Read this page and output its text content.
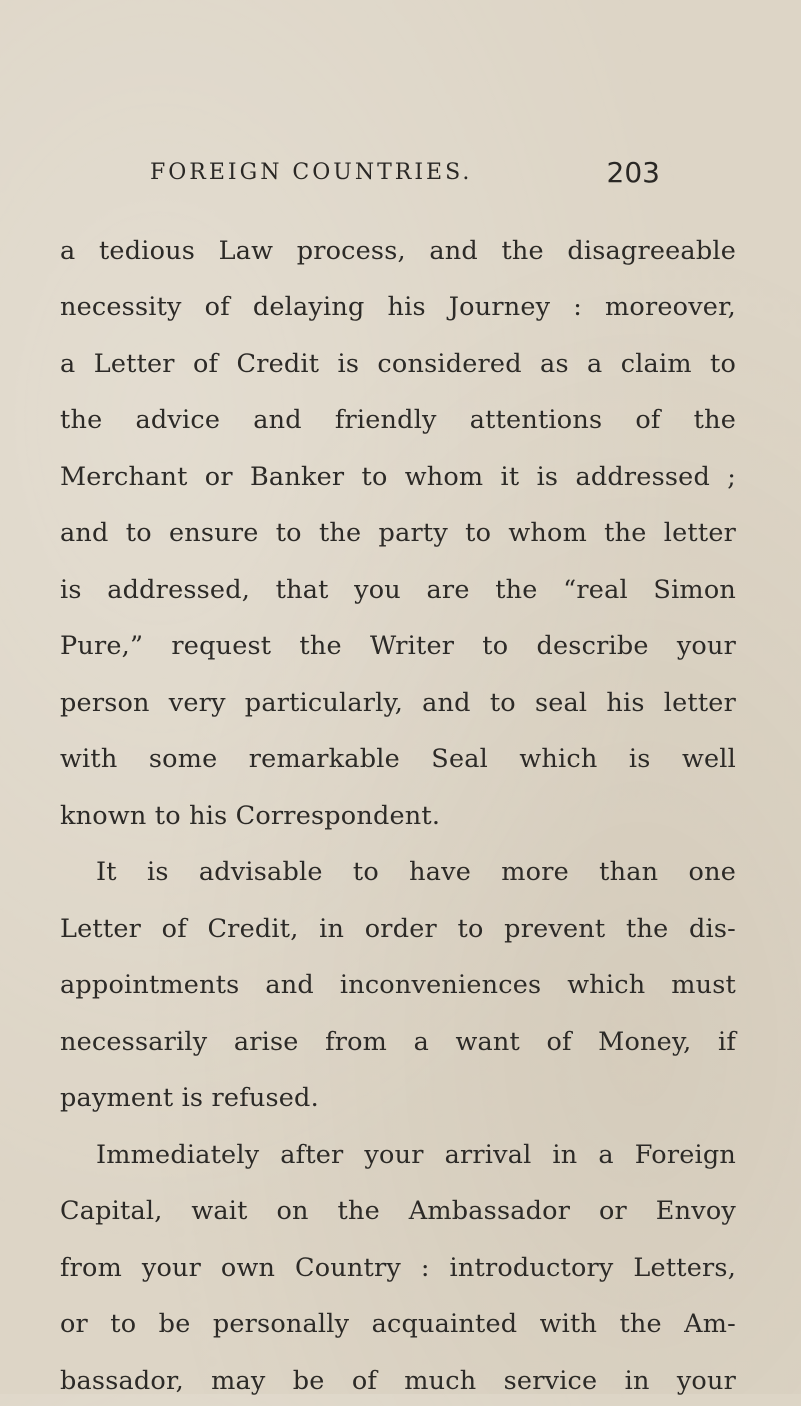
FOREIGN COUNTRIES.	203
a tedious Law process, and the disagreeable
necessity of delaying his Journey : moreover,
a Letter of Credit is considered as a claim to
the advice and friendly attentions of the
Merchant or Banker to whom it is addressed ;
and to ensure to the party to whom the letter
is addressed, that you are the “real Simon
Pure,” request the Writer to describe your
person very particularly, and to seal his letter
with some remarkable Seal which is well
known to his Correspondent.
It is advisable to have more than one
Letter of Credit, in order to prevent the dis-
appointments and inconveniences which must
necessarily arise from a want of Money, if
payment is refused.
Immediately after your arrival in a Foreign
Capital, wait on the Ambassador or Envoy
from your own Country : introductory Letters,
or to be personally acquainted with the Am-
bassador, may be of much service in your
